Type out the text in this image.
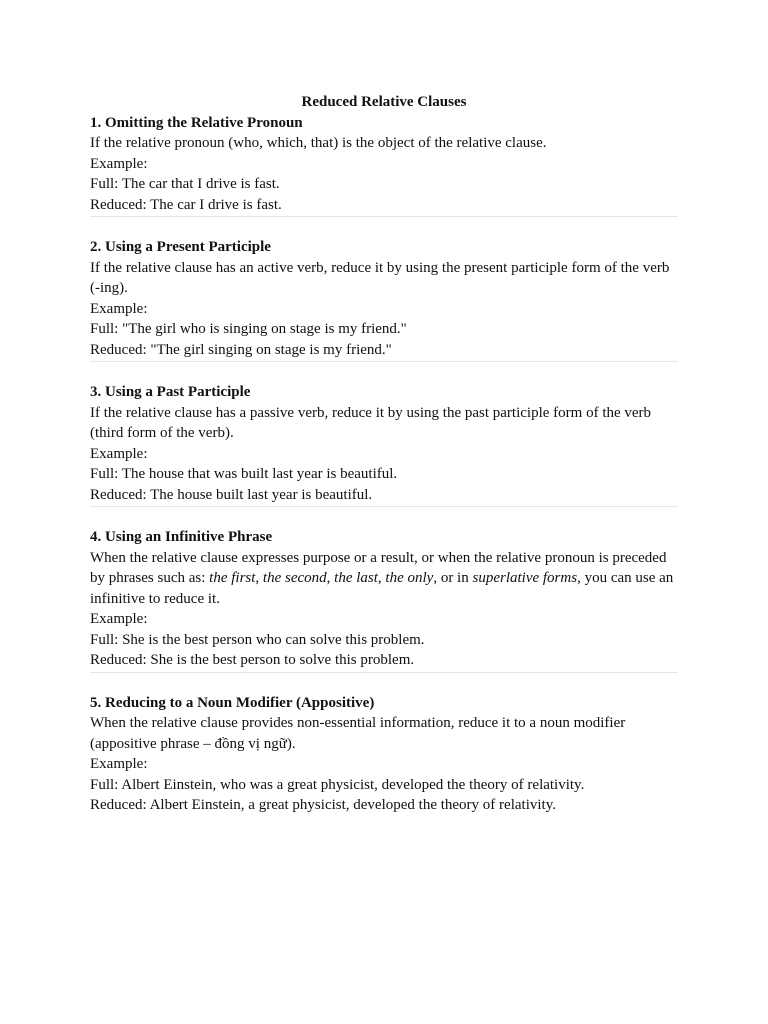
Reduced Relative Clauses

1. Omitting the Relative Pronoun

If the relative pronoun (who, which, that) is the object of the relative clause.

Example:

Full: The car that I drive is fast.

Reduced: The car I drive is fast.

2. Using a Present Participle

If the relative clause has an active verb, reduce it by using the present participle form of the verb (-ing).

Example:

Full: "The girl who is singing on stage is my friend."

Reduced: "The girl singing on stage is my friend."

3. Using a Past Participle

If the relative clause has a passive verb, reduce it by using the past participle form of the verb (third form of the verb).

Example:

Full: The house that was built last year is beautiful.

Reduced: The house built last year is beautiful.

4. Using an Infinitive Phrase

When the relative clause expresses purpose or a result, or when the relative pronoun is preceded by phrases such as: the first, the second, the last, the only, or in superlative forms, you can use an infinitive to reduce it.

Example:

Full: She is the best person who can solve this problem.

Reduced: She is the best person to solve this problem.

5. Reducing to a Noun Modifier (Appositive)

When the relative clause provides non-essential information, reduce it to a noun modifier (appositive phrase – đồng vị ngữ).

Example:

Full: Albert Einstein, who was a great physicist, developed the theory of relativity.

Reduced: Albert Einstein, a great physicist, developed the theory of relativity.
